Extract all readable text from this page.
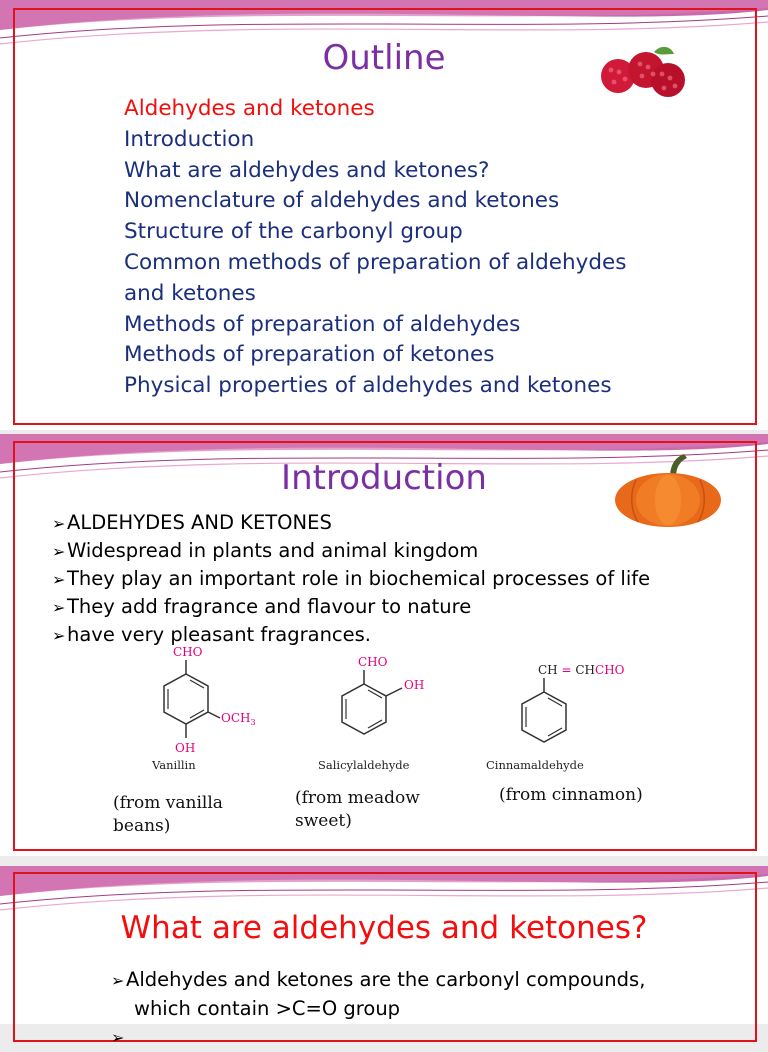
Outline
Aldehydes and ketones
Introduction
What are aldehydes and ketones?
Nomenclature of aldehydes and ketones
Structure of the carbonyl group
Common methods of preparation of aldehydes
and ketones
Methods of preparation of aldehydes
Methods of preparation of ketones
Physical properties of aldehydes and ketones
Introduction
➢ALDEHYDES AND KETONES
➢Widespread in plants and animal kingdom
➢They play an important role in biochemical processes of life
➢They add fragrance and flavour to nature
➢have very pleasant fragrances.
CHO
$OCH_3$
OH
Vanillin
(from vanilla
beans)
CHO
OH
Salicylaldehyde
(from meadow
sweet)
CH = CHCHO
Cinnamaldehyde
(from cinnamon)
What are aldehydes and ketones?
➢Aldehydes and ketones are the carbonyl compounds,
which contain >C=O group
➢
